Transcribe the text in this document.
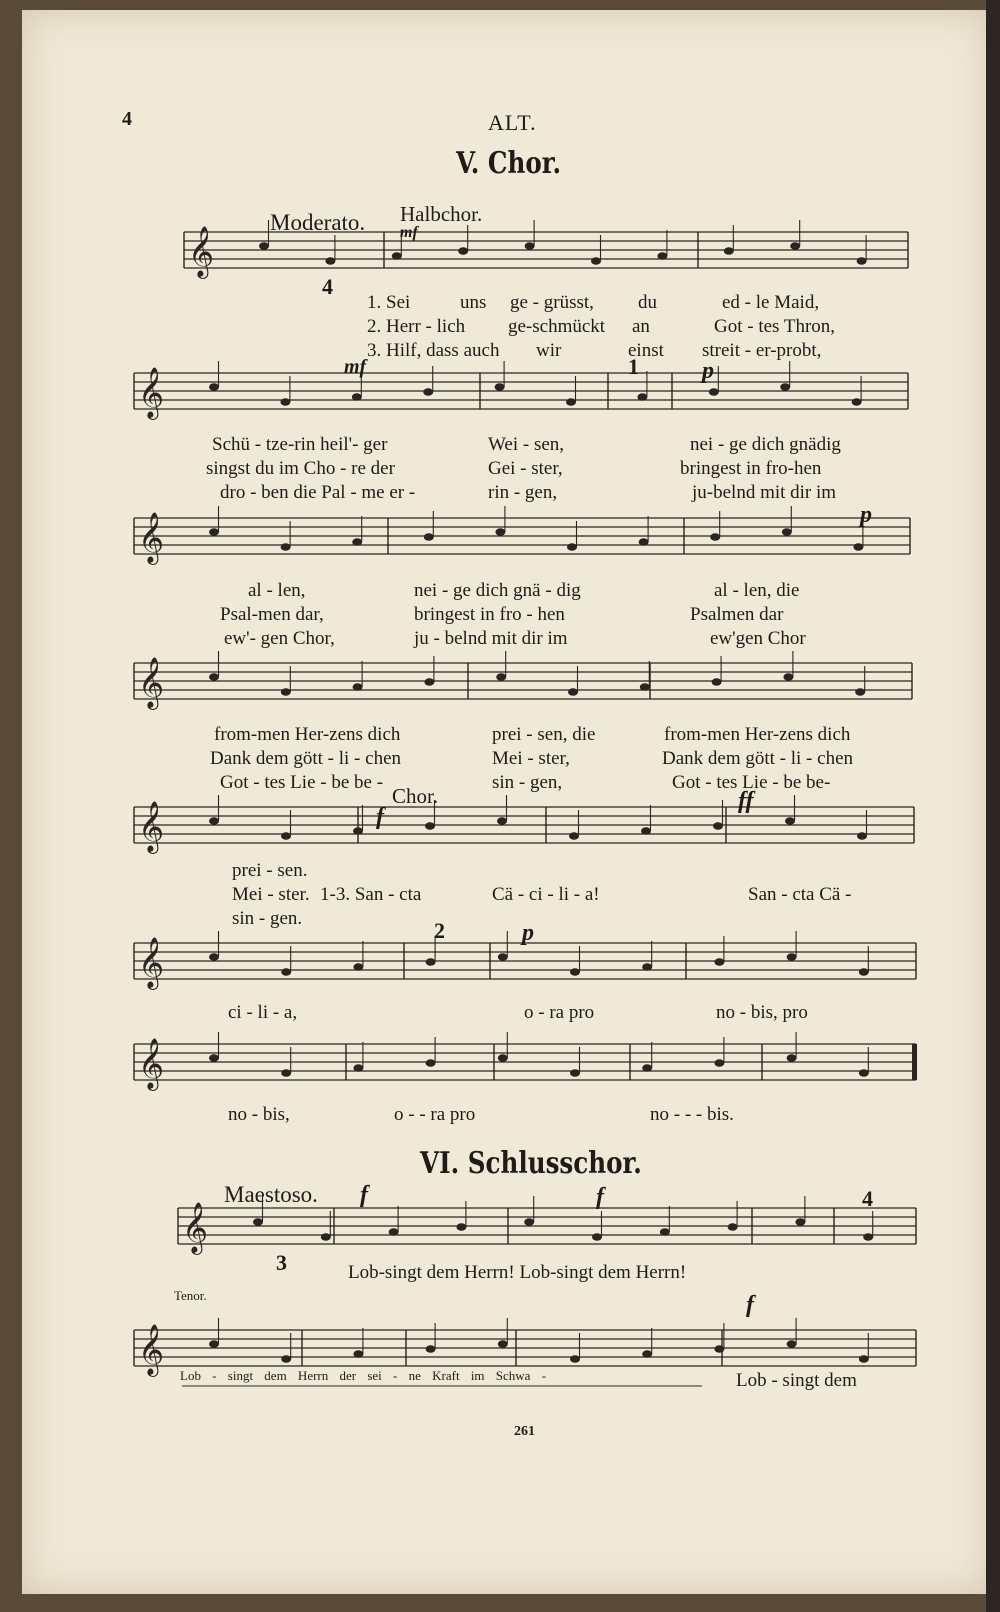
4	ALT.
V. Chor.
𝄞
𝄞
𝄞
𝄞
𝄞
𝄞
𝄞
𝄞
𝄞
Moderato. Halbchor.
mf
4
1. Sei	uns ge - grüsst, du	ed - le Maid,
2. Herr - lich ge-schmückt an	Got - tes Thron,
3. Hilf, dass auch wir	einst streit - er-probt,
mf	1	p
Schü - tze-rin heil'- ger	Wei - sen,	nei - ge dich gnädig
singst du im Cho - re der	Gei - ster,	bringest in fro-hen
dro - ben die Pal - me er -	rin - gen,	ju-belnd mit dir im
p
al - len,	nei - ge dich gnä - dig	al - len, die
Psal-men dar,	bringest in fro - hen	Psalmen dar
ew'- gen Chor,	ju - belnd mit dir im	ew'gen Chor
from-men Her-zens dich	prei - sen, die	from-men Her-zens dich
Dank dem gött - li - chen	Mei - ster,	Dank dem gött - li - chen
Got - tes Lie - be be -	sin - gen,	Got - tes Lie - be be-
Chor.
f
ff
prei - sen.
Mei - ster. 1-3. San - cta	Cä - ci - li - a!	San - cta Cä -
sin - gen.	2	p
ci - li - a,	o - ra pro	no - bis, pro
no - bis,	o - - ra pro	no - - - bis.
VI. Schlusschor.
Maestoso. f	f	4
3	Lob-singt dem Herrn! Lob-singt dem Herrn!
Tenor.
Lob - singt dem Herrn der sei - ne Kraft im Schwa -
f
Lob - singt dem
261
